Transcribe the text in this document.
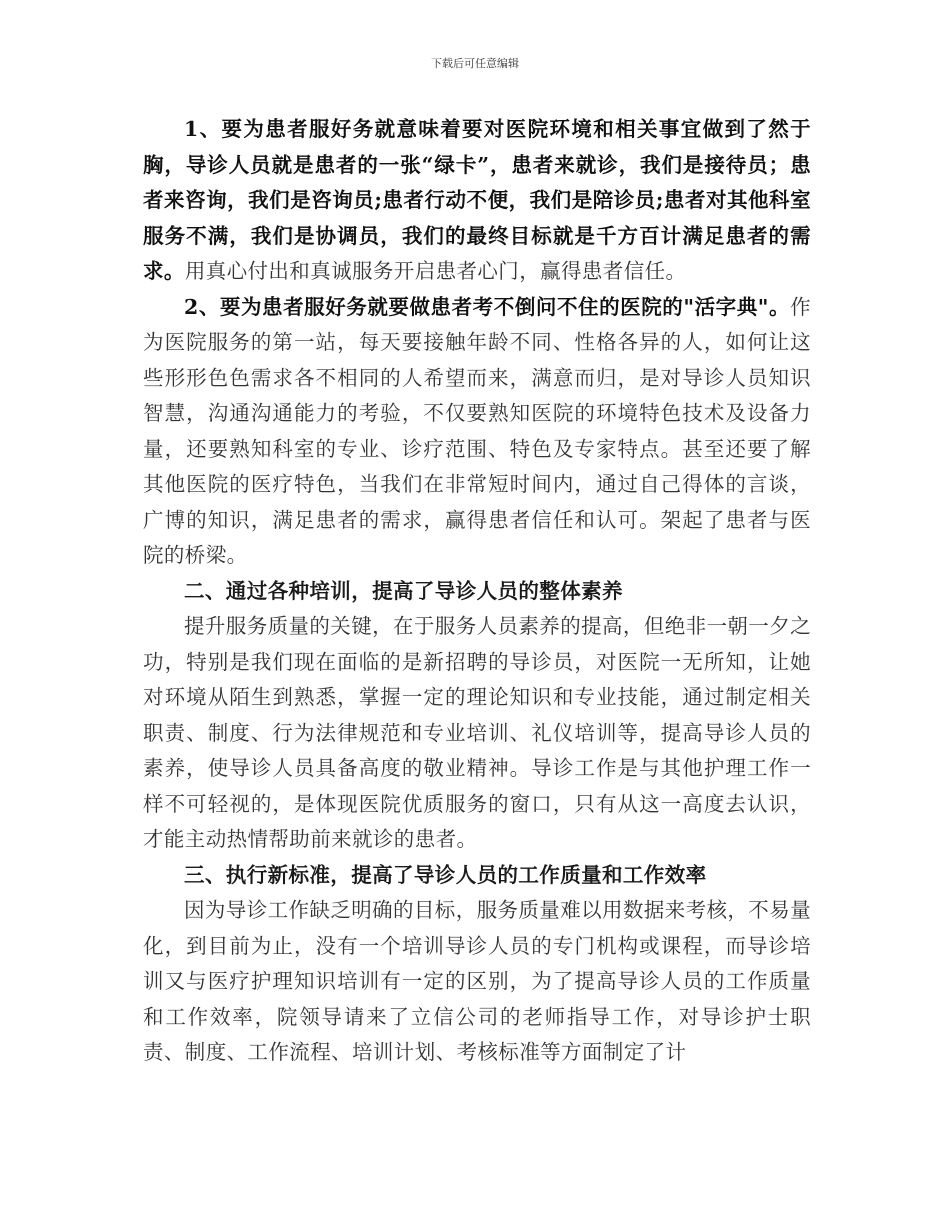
下载后可任意编辑

1、要为患者服好务就意味着要对医院环境和相关事宜做到了然于胸，导诊人员就是患者的一张“绿卡”，患者来就诊，我们是接待员；患者来咨询，我们是咨询员;患者行动不便，我们是陪诊员;患者对其他科室服务不满，我们是协调员，我们的最终目标就是千方百计满足患者的需求。用真心付出和真诚服务开启患者心门，赢得患者信任。

2、要为患者服好务就要做患者考不倒问不住的医院的"活字典"。作为医院服务的第一站，每天要接触年龄不同、性格各异的人，如何让这些形形色色需求各不相同的人希望而来，满意而归，是对导诊人员知识智慧，沟通沟通能力的考验，不仅要熟知医院的环境特色技术及设备力量，还要熟知科室的专业、诊疗范围、特色及专家特点。甚至还要了解其他医院的医疗特色，当我们在非常短时间内，通过自己得体的言谈，广博的知识，满足患者的需求，赢得患者信任和认可。架起了患者与医院的桥梁。

二、通过各种培训，提高了导诊人员的整体素养

提升服务质量的关键，在于服务人员素养的提高，但绝非一朝一夕之功，特别是我们现在面临的是新招聘的导诊员，对医院一无所知，让她对环境从陌生到熟悉，掌握一定的理论知识和专业技能，通过制定相关职责、制度、行为法律规范和专业培训、礼仪培训等，提高导诊人员的素养，使导诊人员具备高度的敬业精神。导诊工作是与其他护理工作一样不可轻视的，是体现医院优质服务的窗口，只有从这一高度去认识，才能主动热情帮助前来就诊的患者。

三、执行新标准，提高了导诊人员的工作质量和工作效率

因为导诊工作缺乏明确的目标，服务质量难以用数据来考核，不易量化，到目前为止，没有一个培训导诊人员的专门机构或课程，而导诊培训又与医疗护理知识培训有一定的区别，为了提高导诊人员的工作质量和工作效率，院领导请来了立信公司的老师指导工作，对导诊护士职责、制度、工作流程、培训计划、考核标准等方面制定了计
